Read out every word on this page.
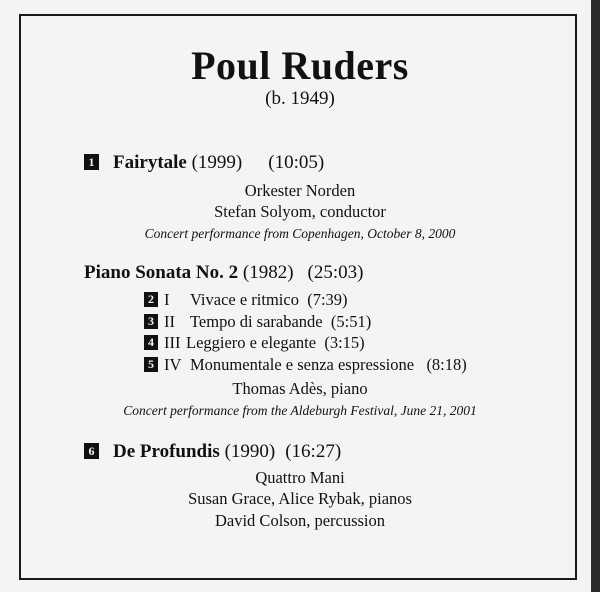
Poul Ruders
(b. 1949)
1 Fairytale (1999) (10:05)
Orkester Norden
Stefan Solyom, conductor
Concert performance from Copenhagen, October 8, 2000
Piano Sonata No. 2 (1982) (25:03)
2 I Vivace e ritmico (7:39)
3 II Tempo di sarabande (5:51)
4 III Leggiero e elegante (3:15)
5 IV Monumentale e senza espressione (8:18)
Thomas Adès, piano
Concert performance from the Aldeburgh Festival, June 21, 2001
6 De Profundis (1990) (16:27)
Quattro Mani
Susan Grace, Alice Rybak, pianos
David Colson, percussion
